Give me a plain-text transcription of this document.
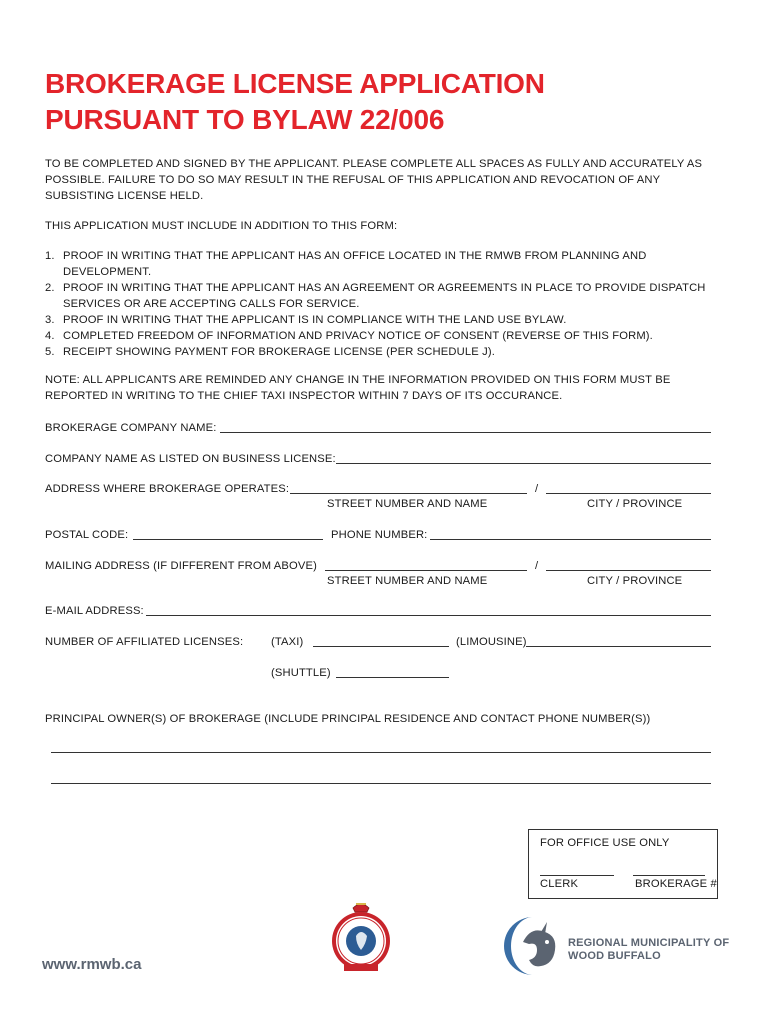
BROKERAGE LICENSE APPLICATION
PURSUANT TO BYLAW 22/006

TO BE COMPLETED AND SIGNED BY THE APPLICANT. PLEASE COMPLETE ALL SPACES AS FULLY AND ACCURATELY AS POSSIBLE. FAILURE TO DO SO MAY RESULT IN THE REFUSAL OF THIS APPLICATION AND REVOCATION OF ANY SUBSISTING LICENSE HELD.

THIS APPLICATION MUST INCLUDE IN ADDITION TO THIS FORM:

1. PROOF IN WRITING THAT THE APPLICANT HAS AN OFFICE LOCATED IN THE RMWB FROM PLANNING AND DEVELOPMENT.
2. PROOF IN WRITING THAT THE APPLICANT HAS AN AGREEMENT OR AGREEMENTS IN PLACE TO PROVIDE DISPATCH SERVICES OR ARE ACCEPTING CALLS FOR SERVICE.
3. PROOF IN WRITING THAT THE APPLICANT IS IN COMPLIANCE WITH THE LAND USE BYLAW.
4. COMPLETED FREEDOM OF INFORMATION AND PRIVACY NOTICE OF CONSENT (REVERSE OF THIS FORM).
5. RECEIPT SHOWING PAYMENT FOR BROKERAGE LICENSE (PER SCHEDULE J).

NOTE: ALL APPLICANTS ARE REMINDED ANY CHANGE IN THE INFORMATION PROVIDED ON THIS FORM MUST BE REPORTED IN WRITING TO THE CHIEF TAXI INSPECTOR WITHIN 7 DAYS OF ITS OCCURANCE.

BROKERAGE COMPANY NAME:
COMPANY NAME AS LISTED ON BUSINESS LICENSE:
ADDRESS WHERE BROKERAGE OPERATES:	/
STREET NUMBER AND NAME	CITY / PROVINCE
POSTAL CODE:	PHONE NUMBER:
MAILING ADDRESS (IF DIFFERENT FROM ABOVE)	/
STREET NUMBER AND NAME	CITY / PROVINCE
E-MAIL ADDRESS:
NUMBER OF AFFILIATED LICENSES: (TAXI)	(LIMOUSINE)
(SHUTTLE)
PRINCIPAL OWNER(S) OF BROKERAGE (INCLUDE PRINCIPAL RESIDENCE AND CONTACT PHONE NUMBER(S))
FOR OFFICE USE ONLY
CLERK	BROKERAGE #
www.rmwb.ca
REGIONAL MUNICIPALITY OF
WOOD BUFFALO
